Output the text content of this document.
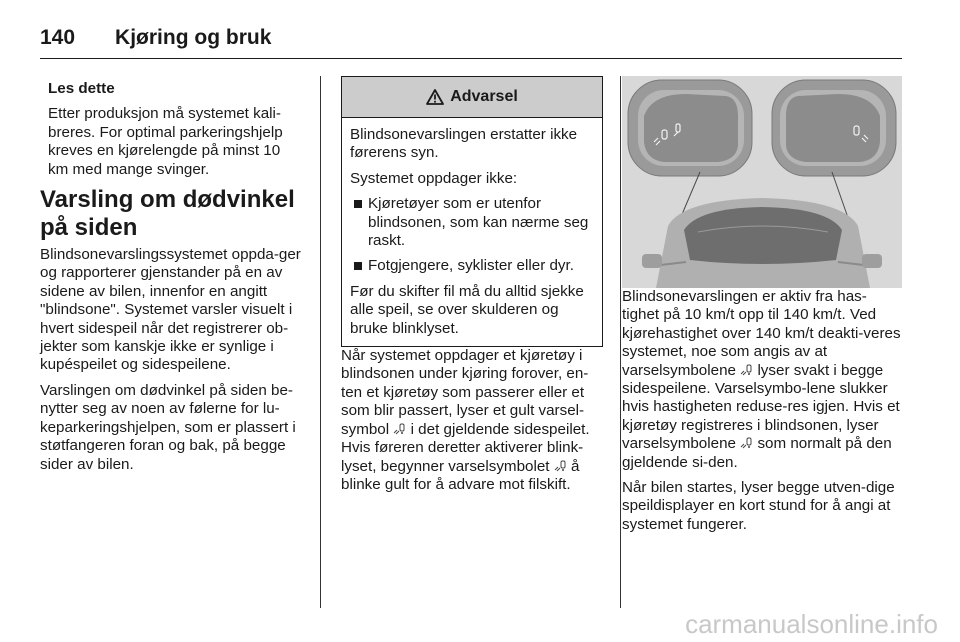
140 Kjøring og bruk

Les dette

Etter produksjon må systemet kali-breres. For optimal parkeringshjelp kreves en kjørelengde på minst 10 km med mange svinger.

Varsling om dødvinkel på siden

Blindsonevarslingssystemet oppda-ger og rapporterer gjenstander på en av sidene av bilen, innenfor en angitt "blindsone". Systemet varsler visuelt i hvert sidespeil når det registrerer ob-jekter som kanskje ikke er synlige i kupéspeilet og sidespeilene.

Varslingen om dødvinkel på siden be-nytter seg av noen av følerne for lu-keparkeringshjelpen, som er plassert i støtfangeren foran og bak, på begge sider av bilen.

Advarsel

Blindsonevarslingen erstatter ikke førerens syn.

Systemet oppdager ikke:

Kjøretøyer som er utenfor blindsonen, som kan nærme seg raskt.
Fotgjengere, syklister eller dyr.

Før du skifter fil må du alltid sjekke alle speil, se over skulderen og bruke blinklyset.

Når systemet oppdager et kjøretøy i blindsonen under kjøring forover, en-ten et kjøretøy som passerer eller et som blir passert, lyser et gult varsel-symbol i det gjeldende sidespeilet. Hvis føreren deretter aktiverer blink-lyset, begynner varselsymbolet å blinke gult for å advare mot filskift.

Blindsonevarslingen er aktiv fra has-tighet på 10 km/t opp til 140 km/t. Ved kjørehastighet over 140 km/t deakti-veres systemet, noe som angis av at varselsymbolene lyser svakt i begge sidespeilene. Varselsymbo-lene slukker hvis hastigheten reduse-res igjen. Hvis et kjøretøy registreres i blindsonen, lyser varselsymbolene som normalt på den gjeldende si-den.

Når bilen startes, lyser begge utven-dige speildisplayer en kort stund for å angi at systemet fungerer.

carmanualsonline.info
